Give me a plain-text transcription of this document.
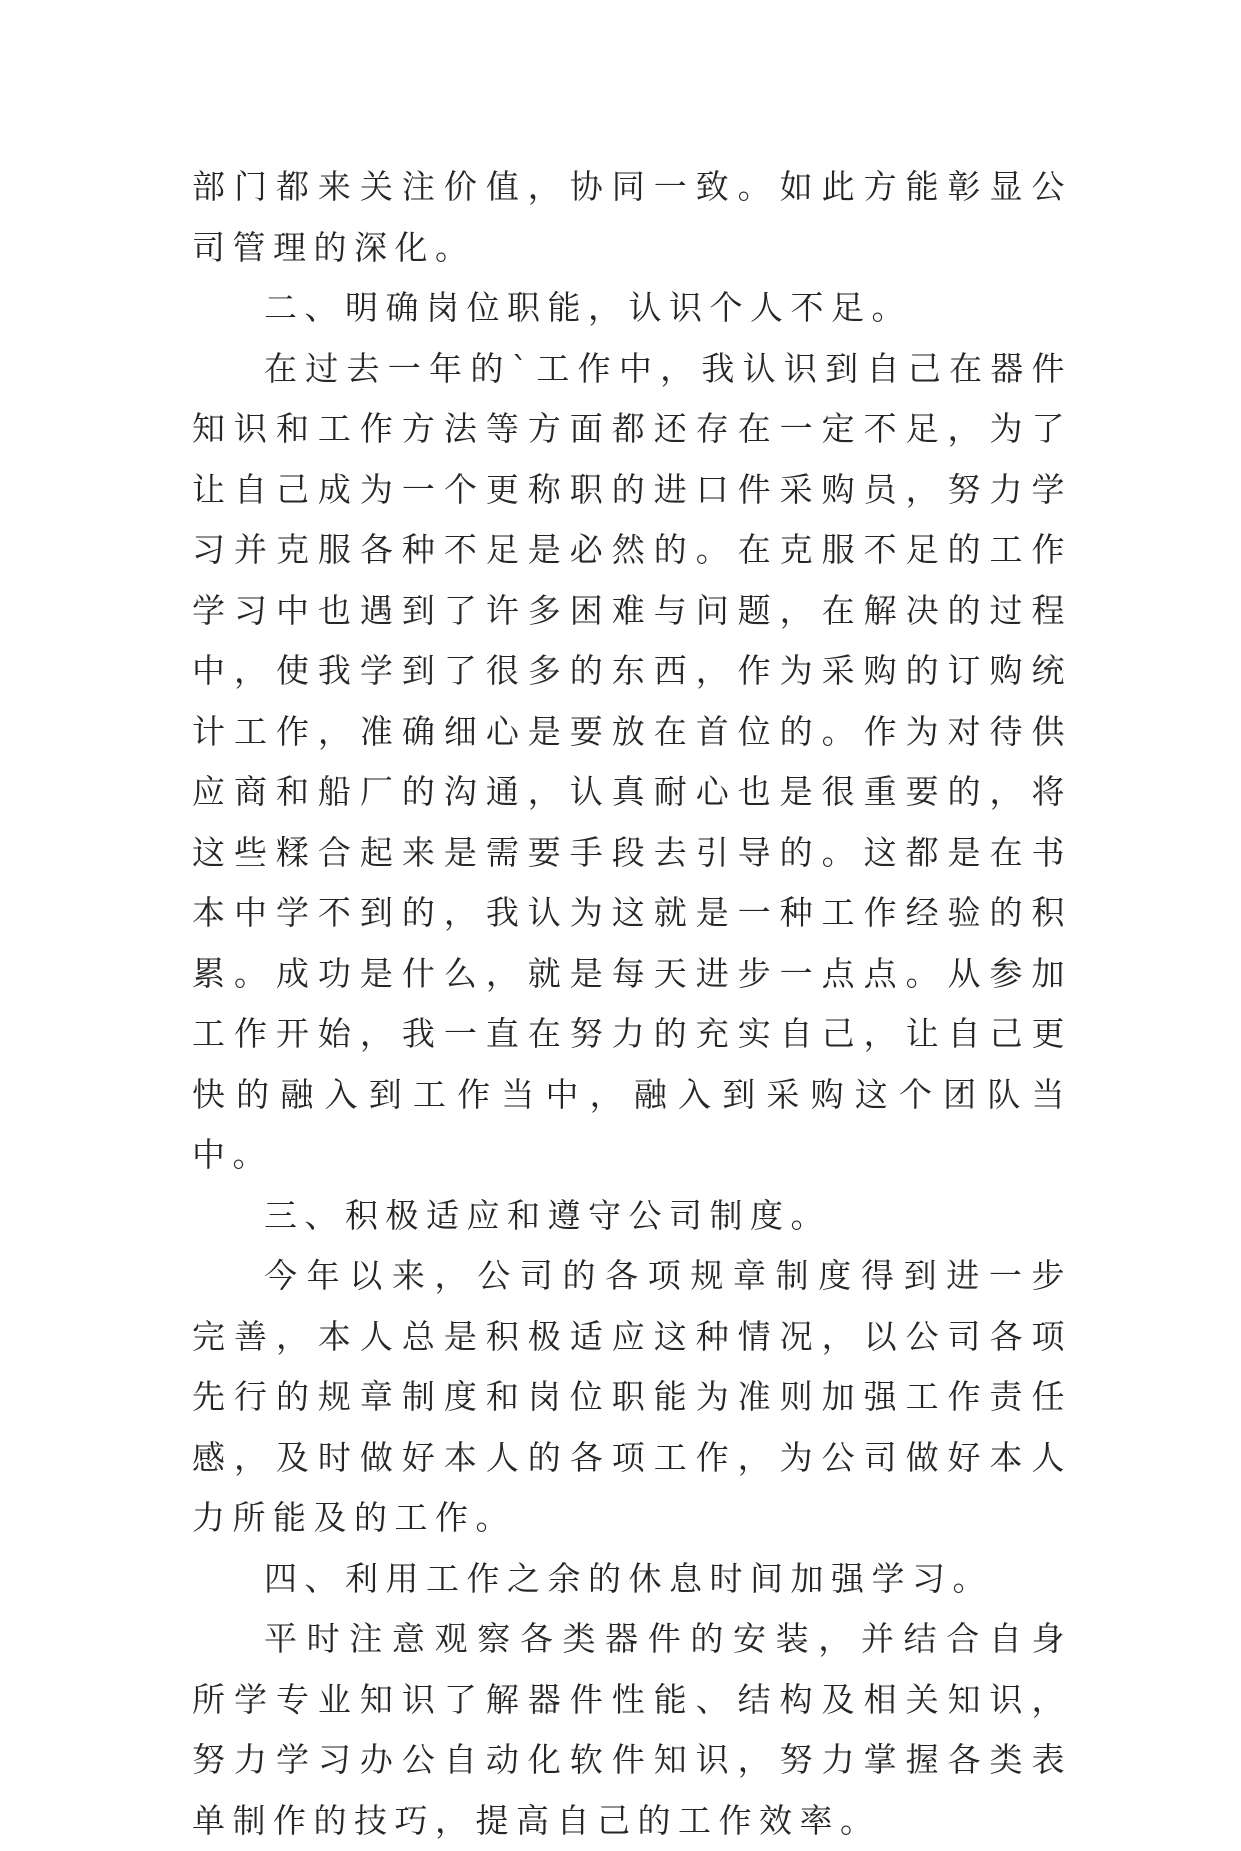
部门都来关注价值，协同一致。如此方能彰显公司管理的深化。

二、明确岗位职能，认识个人不足。

在过去一年的`工作中，我认识到自己在器件知识和工作方法等方面都还存在一定不足，为了让自己成为一个更称职的进口件采购员，努力学习并克服各种不足是必然的。在克服不足的工作学习中也遇到了许多困难与问题，在解决的过程中，使我学到了很多的东西，作为采购的订购统计工作，准确细心是要放在首位的。作为对待供应商和船厂的沟通，认真耐心也是很重要的，将这些糅合起来是需要手段去引导的。这都是在书本中学不到的，我认为这就是一种工作经验的积累。成功是什么，就是每天进步一点点。从参加工作开始，我一直在努力的充实自己，让自己更快的融入到工作当中，融入到采购这个团队当中。

三、积极适应和遵守公司制度。

今年以来，公司的各项规章制度得到进一步完善，本人总是积极适应这种情况，以公司各项先行的规章制度和岗位职能为准则加强工作责任感，及时做好本人的各项工作，为公司做好本人力所能及的工作。

四、利用工作之余的休息时间加强学习。

平时注意观察各类器件的安装，并结合自身所学专业知识了解器件性能、结构及相关知识，努力学习办公自动化软件知识，努力掌握各类表单制作的技巧，提高自己的工作效率。
